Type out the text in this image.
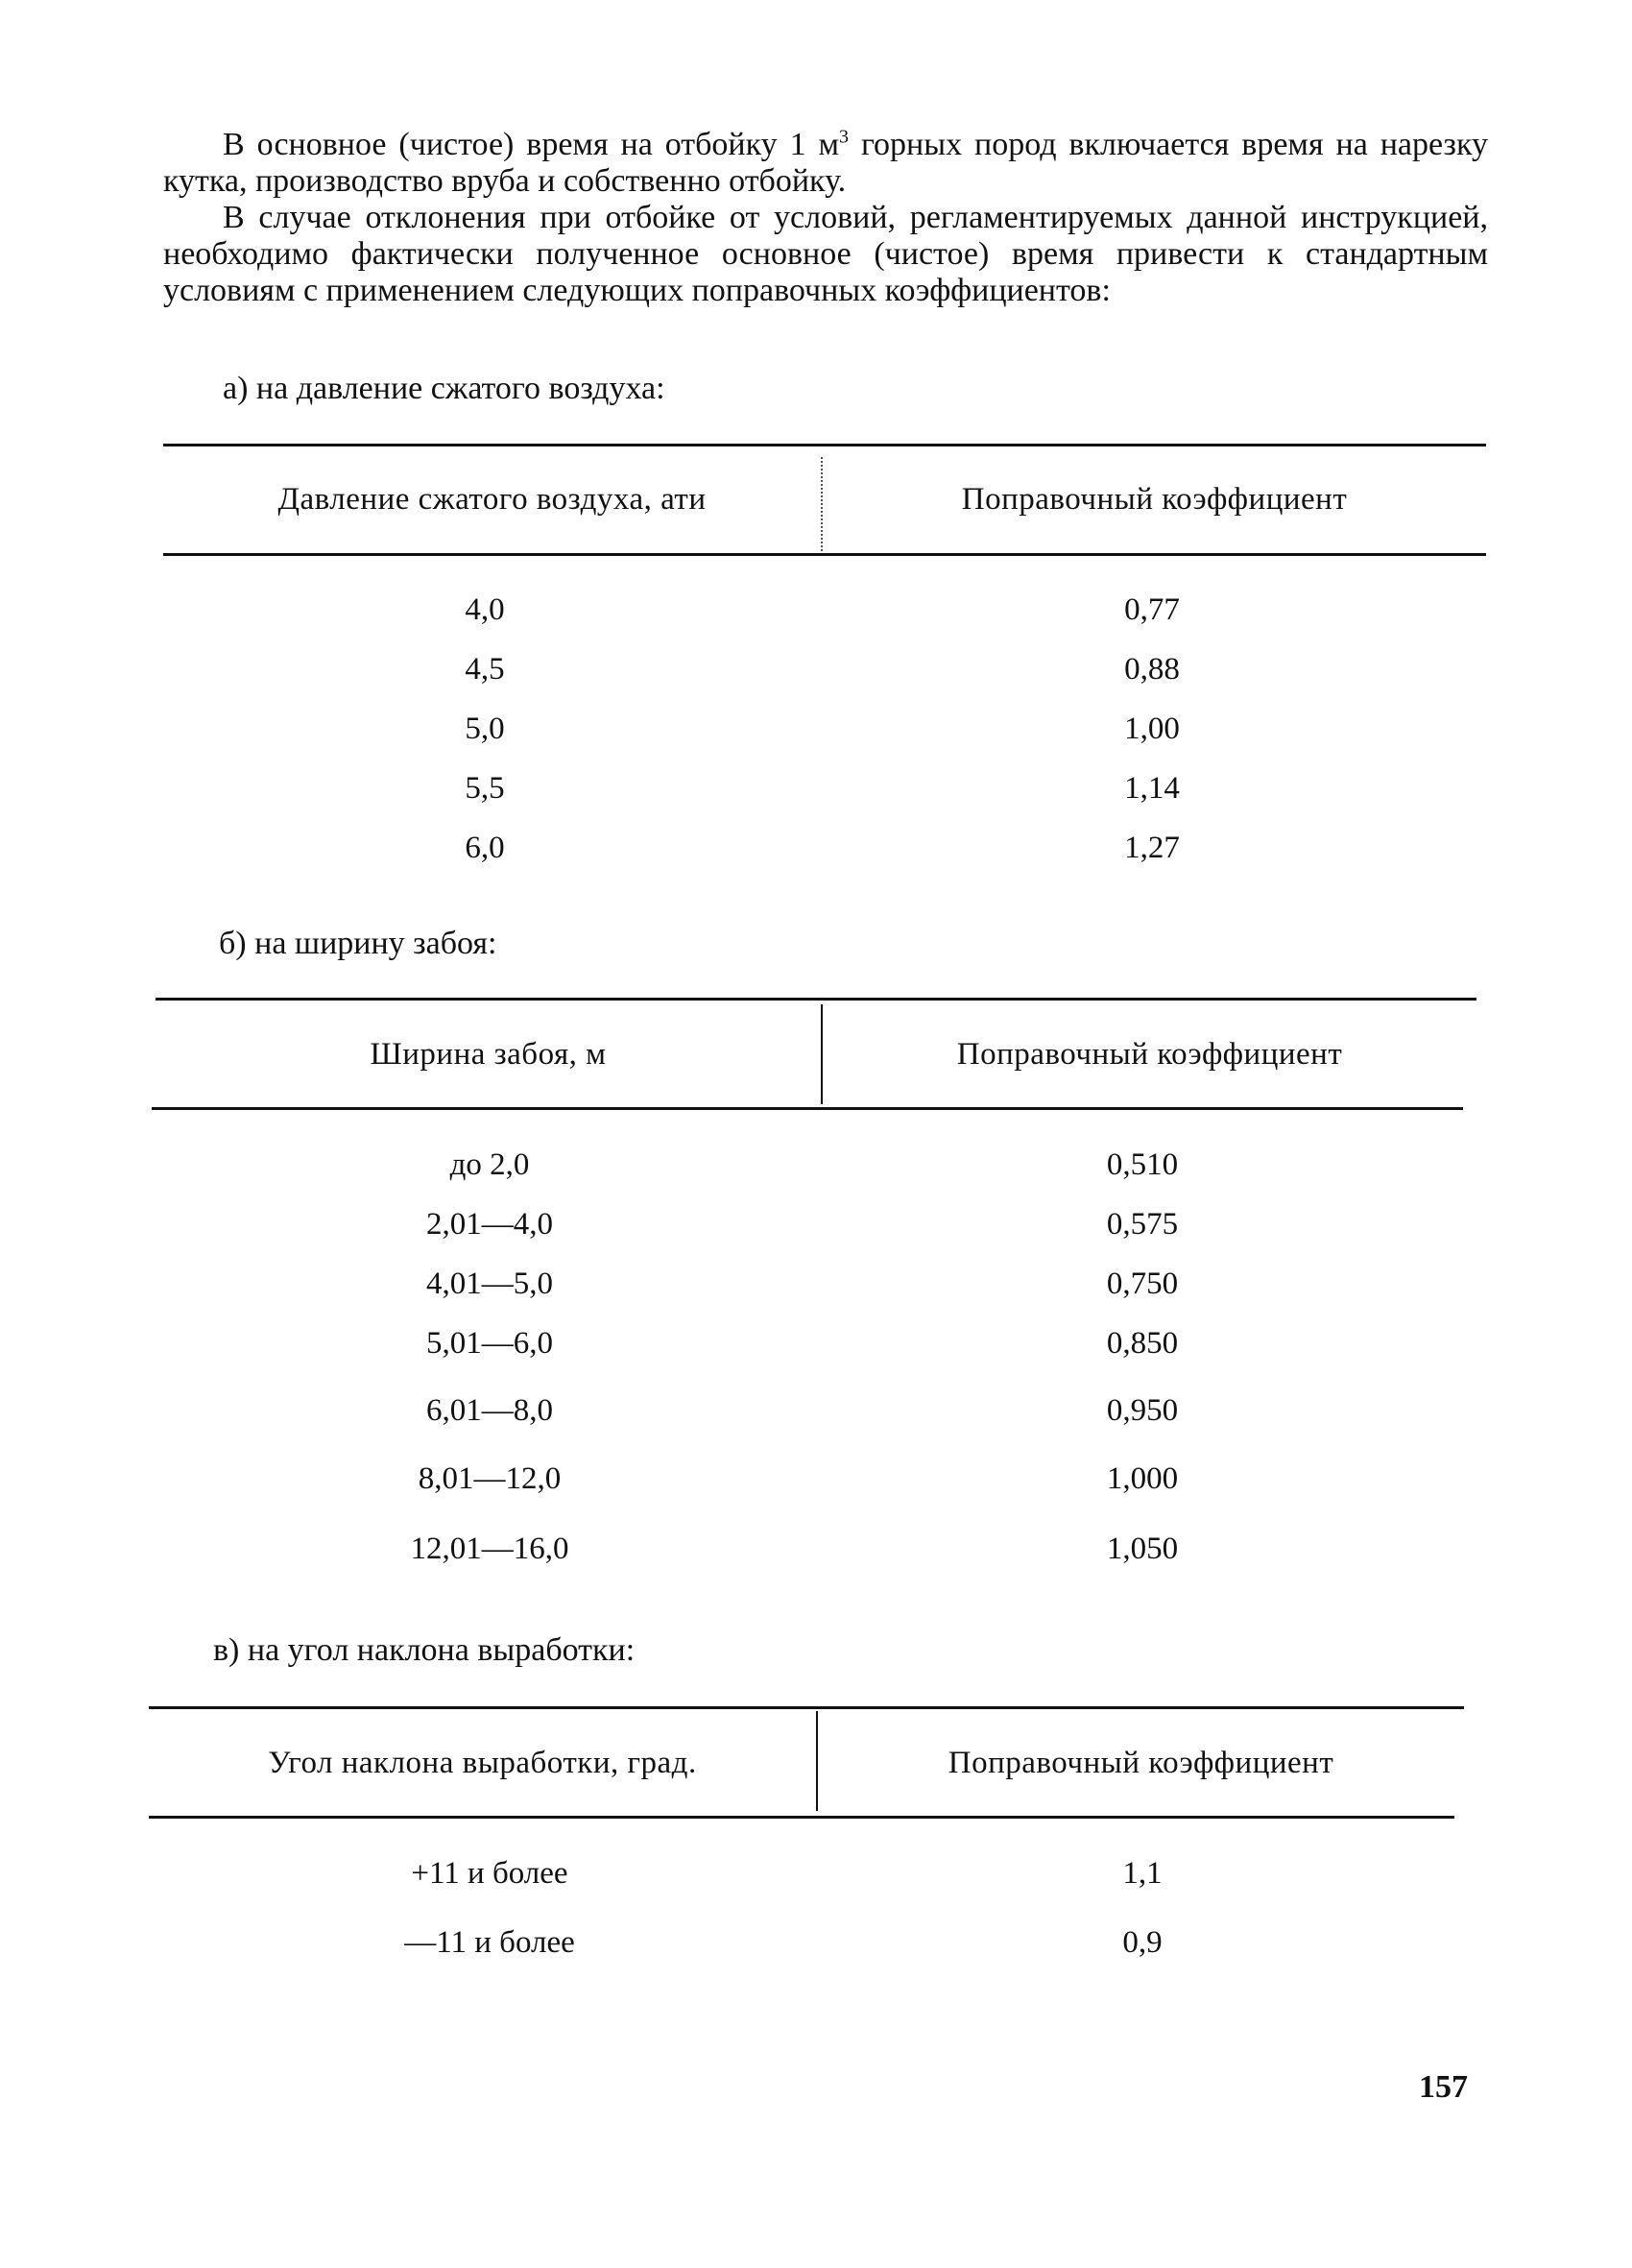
В основное (чистое) время на отбойку 1 $м^3$ горных пород включается время на нарезку кутка, производство вруба и собственно отбойку.

В случае отклонения при отбойке от условий, регламентируемых данной инструкцией, необходимо фактически полученное основное (чистое) время привести к стандартным условиям с применением следующих поправочных коэффициентов:

а) на давление сжатого воздуха:
Давление сжатого воздуха, ати	Поправочный коэффициент
4,0	0,77
4,5	0,88
5,0	1,00
5,5	1,14
6,0	1,27
б) на ширину забоя:
Ширина забоя, м	Поправочный коэффициент
до 2,0	0,510
2,01—4,0	0,575
4,01—5,0	0,750
5,01—6,0	0,850
6,01—8,0	0,950
8,01—12,0	1,000
12,01—16,0	1,050
в) на угол наклона выработки:
Угол наклона выработки, град.	Поправочный коэффициент
+11 и более	1,1
—11 и более	0,9
157
